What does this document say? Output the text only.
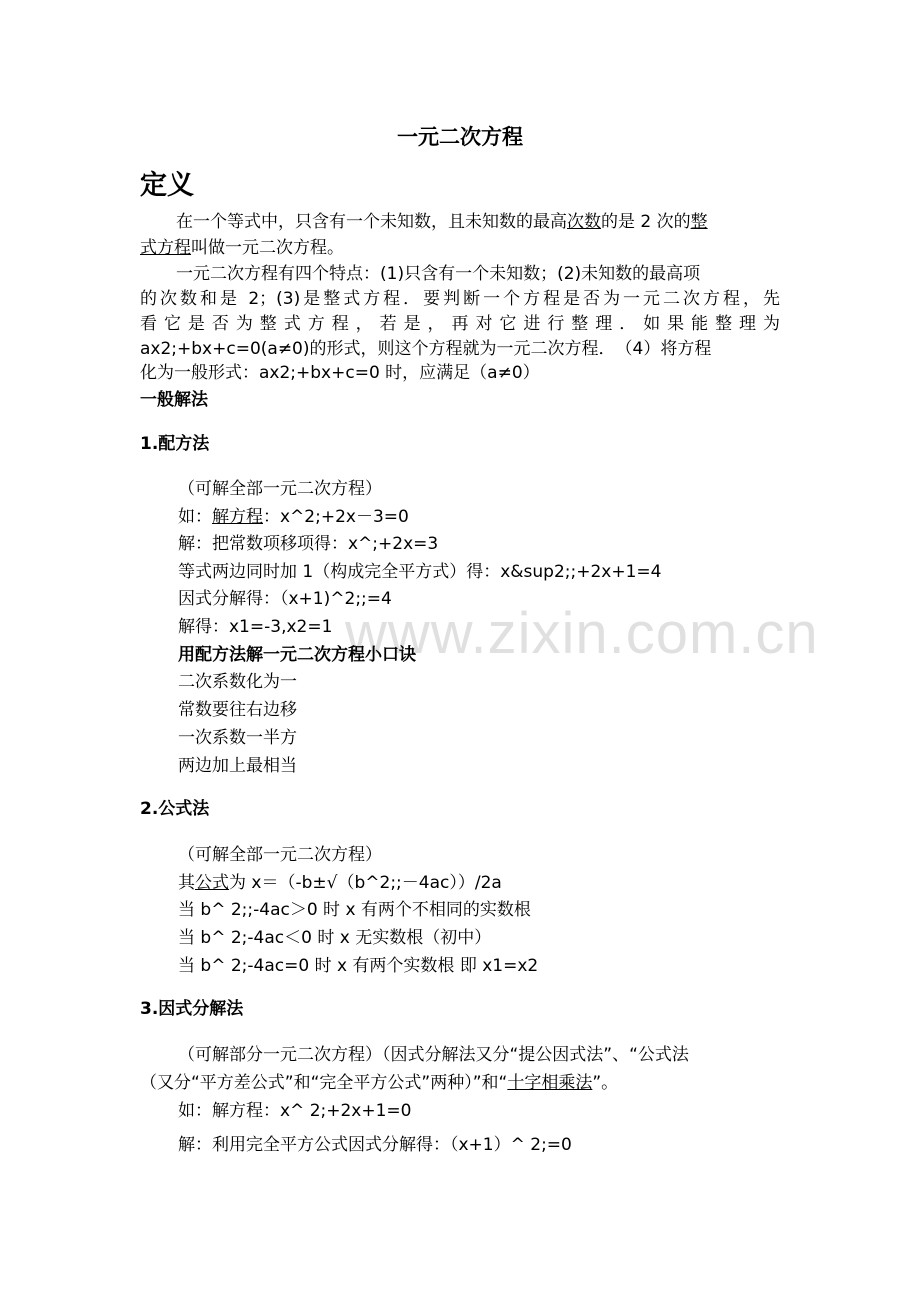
一元二次方程
定义
在一个等式中，只含有一个未知数，且未知数的最高次数的是 2 次的整
式方程叫做一元二次方程。
一元二次方程有四个特点：(1)只含有一个未知数；(2)未知数的最高项
的次数和是 2；(3)是整式方程．要判断一个方程是否为一元二次方程，先
看它是否为整式方程，若是，再对它进行整理．如果能整理为
ax2;+bx+c=0(a≠0)的形式，则这个方程就为一元二次方程．　（4）将方程
化为一般形式：ax2;+bx+c=0 时，应满足（a≠0）
一般解法
1.配方法
（可解全部一元二次方程）
如：解方程：x^2;+2x－3=0
解：把常数项移项得：x^;+2x=3
等式两边同时加 1（构成完全平方式）得：x&sup2;;+2x+1=4
因式分解得：（x+1)^2;;=4
解得：x1=-3,x2=1
用配方法解一元二次方程小口诀
二次系数化为一
常数要往右边移
一次系数一半方
两边加上最相当
2.公式法
（可解全部一元二次方程）
其公式为 x＝（-b±√（b^2;;－4ac））/2a
当 b^ 2;;-4ac＞0 时 x 有两个不相同的实数根
当 b^ 2;-4ac＜0 时 x 无实数根（初中）
当 b^ 2;-4ac=0 时 x 有两个实数根 即 x1=x2
3.因式分解法
（可解部分一元二次方程）（因式分解法又分“提公因式法”、“公式法
（又分“平方差公式”和“完全平方公式”两种）”和“十字相乘法”。
如：解方程：x^ 2;+2x+1=0
解：利用完全平方公式因式分解得：（x+1）^ 2;=0
www.zixin.com.cn
